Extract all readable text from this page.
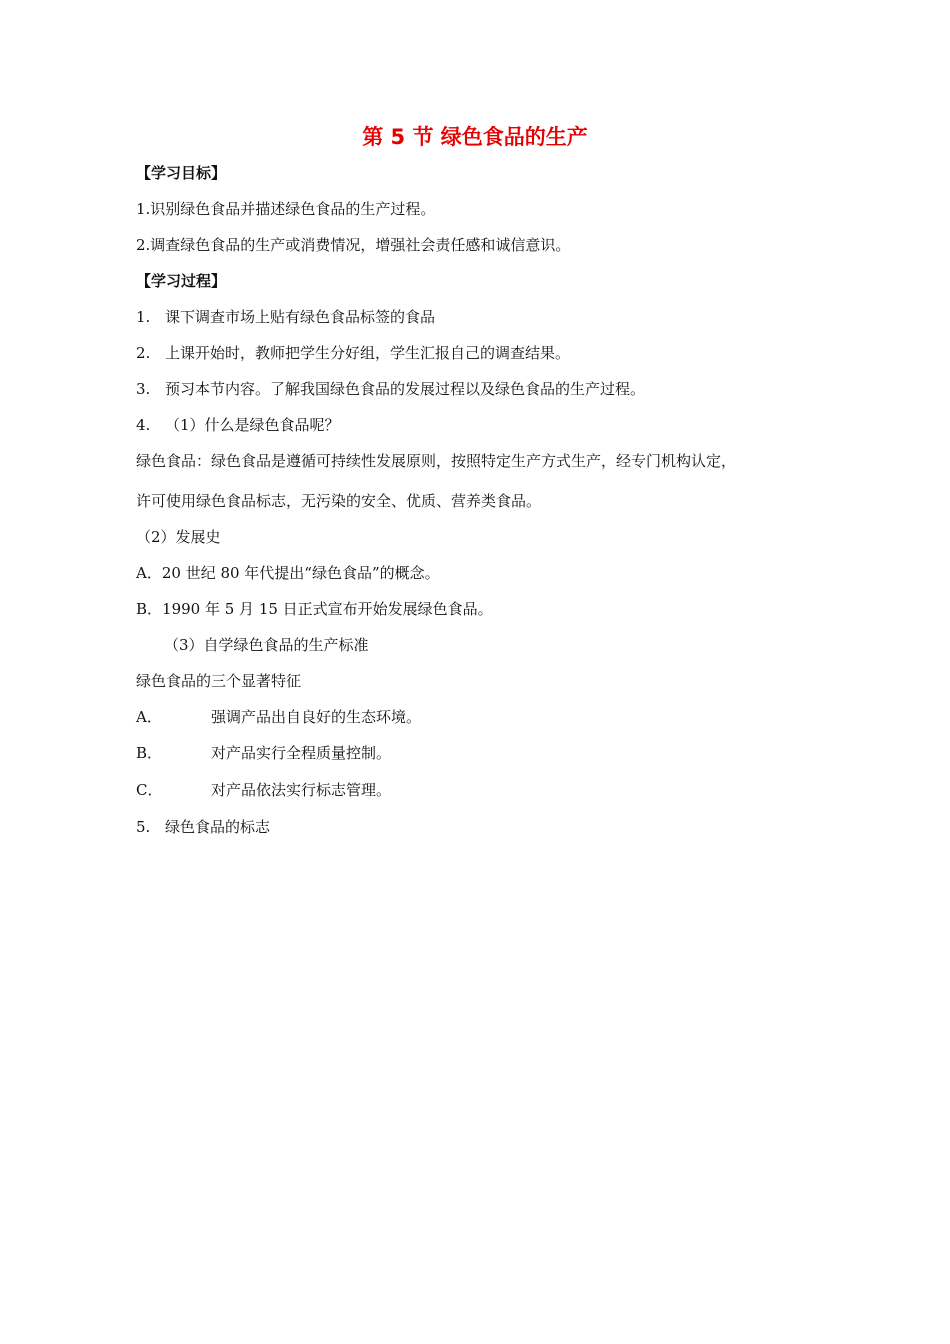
第 5 节 绿色食品的生产
【学习目标】
1.识别绿色食品并描述绿色食品的生产过程。
2.调查绿色食品的生产或消费情况，增强社会责任感和诚信意识。
【学习过程】
1. 课下调查市场上贴有绿色食品标签的食品
2. 上课开始时，教师把学生分好组，学生汇报自己的调查结果。
3. 预习本节内容。了解我国绿色食品的发展过程以及绿色食品的生产过程。
4. （1）什么是绿色食品呢？
绿色食品：绿色食品是遵循可持续性发展原则，按照特定生产方式生产，经专门机构认定，
许可使用绿色食品标志，无污染的安全、优质、营养类食品。
（2）发展史
A．20 世纪 80 年代提出“绿色食品”的概念。
B．1990 年 5 月 15 日正式宣布开始发展绿色食品。
（3）自学绿色食品的生产标准
绿色食品的三个显著特征
A．	强调产品出自良好的生态环境。
B．	对产品实行全程质量控制。
C．	对产品依法实行标志管理。
5. 绿色食品的标志
